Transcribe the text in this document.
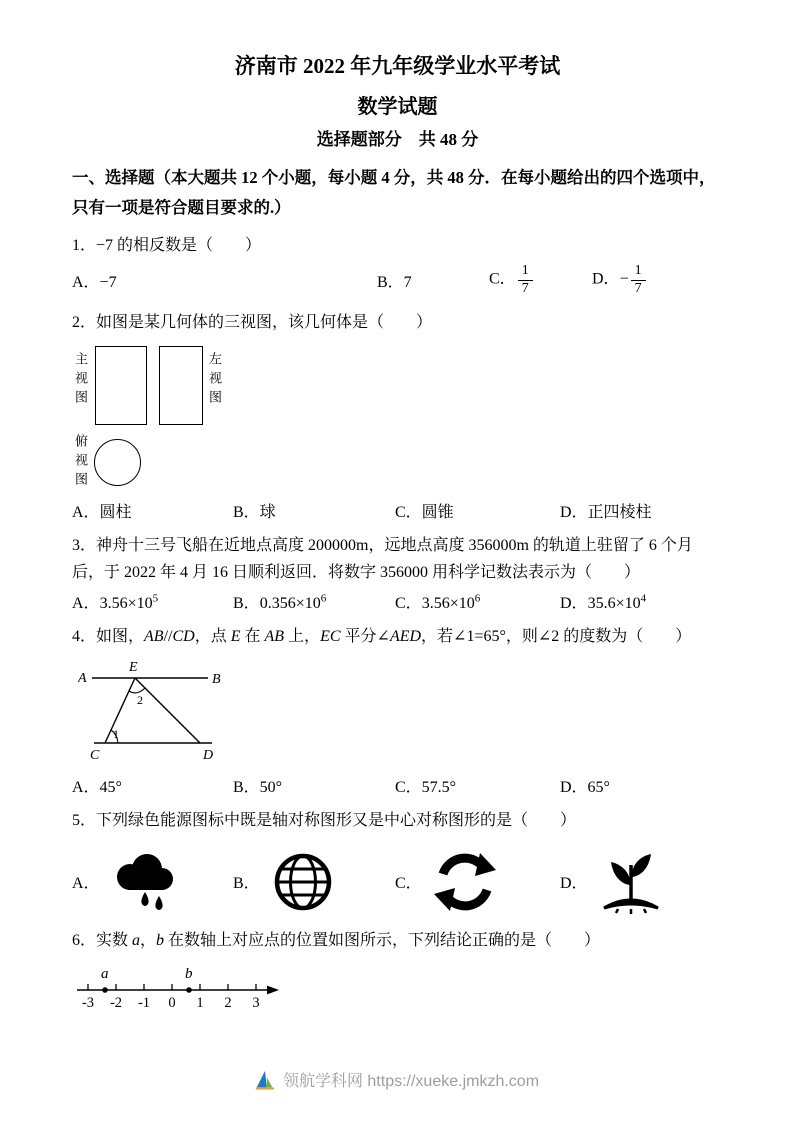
济南市 2022 年九年级学业水平考试
数学试题
选择题部分　共 48 分
一、选择题（本大题共 12 个小题，每小题 4 分，共 48 分．在每小题给出的四个选项中，只有一项是符合题目要求的.）
1．−7 的相反数是（　　）
A．−7	B．7	C． $\frac{1}{7}$	D．− $\frac{1}{7}$
2．如图是某几何体的三视图，该几何体是（　　）
主视图	左视图
俯视图
A．圆柱	B．球	C．圆锥	D．正四棱柱
3．神舟十三号飞船在近地点高度 200000m，远地点高度 356000m 的轨道上驻留了 6 个月后，于 2022 年 4 月 16 日顺利返回．将数字 356000 用科学记数法表示为（　　）
A．$3.56\times 10^5$	B．$0.356\times 10^6$	C．$3.56\times 10^6$	D．$35.6\times 10^4$
4．如图，AB//CD，点 E 在 AB 上，EC 平分∠AED，若∠1=65°，则∠2 的度数为（　　）
A
E
B
C	D
2
1
A．45°	B．50°	C．57.5°	D．65°
5．下列绿色能源图标中既是轴对称图形又是中心对称图形的是（　　）
A．	B．	C．	D．
6．实数 a，b 在数轴上对应点的位置如图所示，下列结论正确的是（　　）
-3 -2 -1 0 1 2 3
a	b
领航学科网 https://xueke.jmkzh.com
